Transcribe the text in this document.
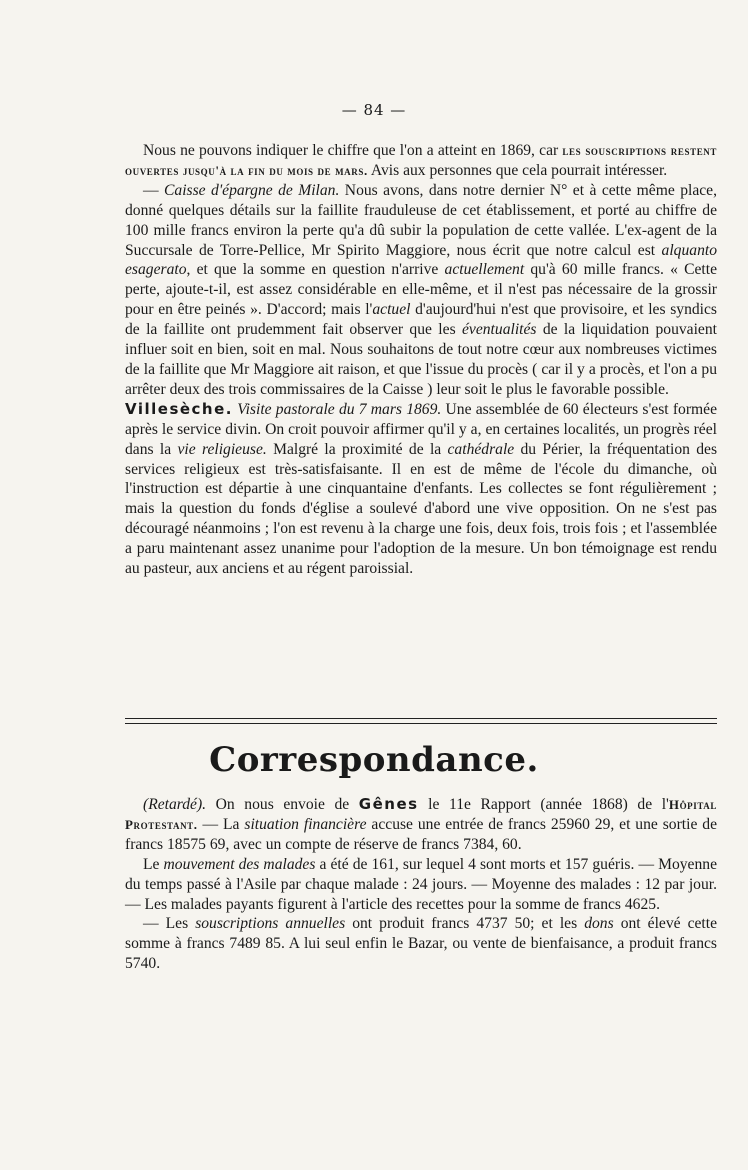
— 84 —

Nous ne pouvons indiquer le chiffre que l'on a atteint en 1869, car les souscriptions restent ouvertes jusqu'à la fin du mois de mars. Avis aux personnes que cela pourrait intéresser.

— Caisse d'épargne de Milan. Nous avons, dans notre dernier N° et à cette même place, donné quelques détails sur la faillite frauduleuse de cet établissement, et porté au chiffre de 100 mille francs environ la perte qu'a dû subir la population de cette vallée. L'ex-agent de la Succursale de Torre-Pellice, Mr Spirito Maggiore, nous écrit que notre calcul est alquanto esagerato, et que la somme en question n'arrive actuellement qu'à 60 mille francs. « Cette perte, ajoute-t-il, est assez considérable en elle-même, et il n'est pas nécessaire de la grossir pour en être peinés ». D'accord; mais l'actuel d'aujourd'hui n'est que provisoire, et les syndics de la faillite ont prudemment fait observer que les éventualités de la liquidation pouvaient influer soit en bien, soit en mal. Nous souhaitons de tout notre cœur aux nombreuses victimes de la faillite que Mr Maggiore ait raison, et que l'issue du procès ( car il y a procès, et l'on a pu arrêter deux des trois commissaires de la Caisse ) leur soit le plus le favorable possible.

Villesèche. Visite pastorale du 7 mars 1869. Une assemblée de 60 électeurs s'est formée après le service divin. On croit pouvoir affirmer qu'il y a, en certaines localités, un progrès réel dans la vie religieuse. Malgré la proximité de la cathédrale du Périer, la fréquentation des services religieux est très-satisfaisante. Il en est de même de l'école du dimanche, où l'instruction est départie à une cinquantaine d'enfants. Les collectes se font régulièrement ; mais la question du fonds d'église a soulevé d'abord une vive opposition. On ne s'est pas découragé néanmoins ; l'on est revenu à la charge une fois, deux fois, trois fois ; et l'assemblée a paru maintenant assez unanime pour l'adoption de la mesure. Un bon témoignage est rendu au pasteur, aux anciens et au régent paroissial.

Correspondance.

(Retardé). On nous envoie de Gênes le 11e Rapport (année 1868) de l'Hôpital Protestant. — La situation financière accuse une entrée de francs 25960 29, et une sortie de francs 18575 69, avec un compte de réserve de francs 7384, 60.

Le mouvement des malades a été de 161, sur lequel 4 sont morts et 157 guéris. — Moyenne du temps passé à l'Asile par chaque malade : 24 jours. — Moyenne des malades : 12 par jour. — Les malades payants figurent à l'article des recettes pour la somme de francs 4625.

— Les souscriptions annuelles ont produit francs 4737 50; et les dons ont élevé cette somme à francs 7489 85. A lui seul enfin le Bazar, ou vente de bienfaisance, a produit francs 5740.
